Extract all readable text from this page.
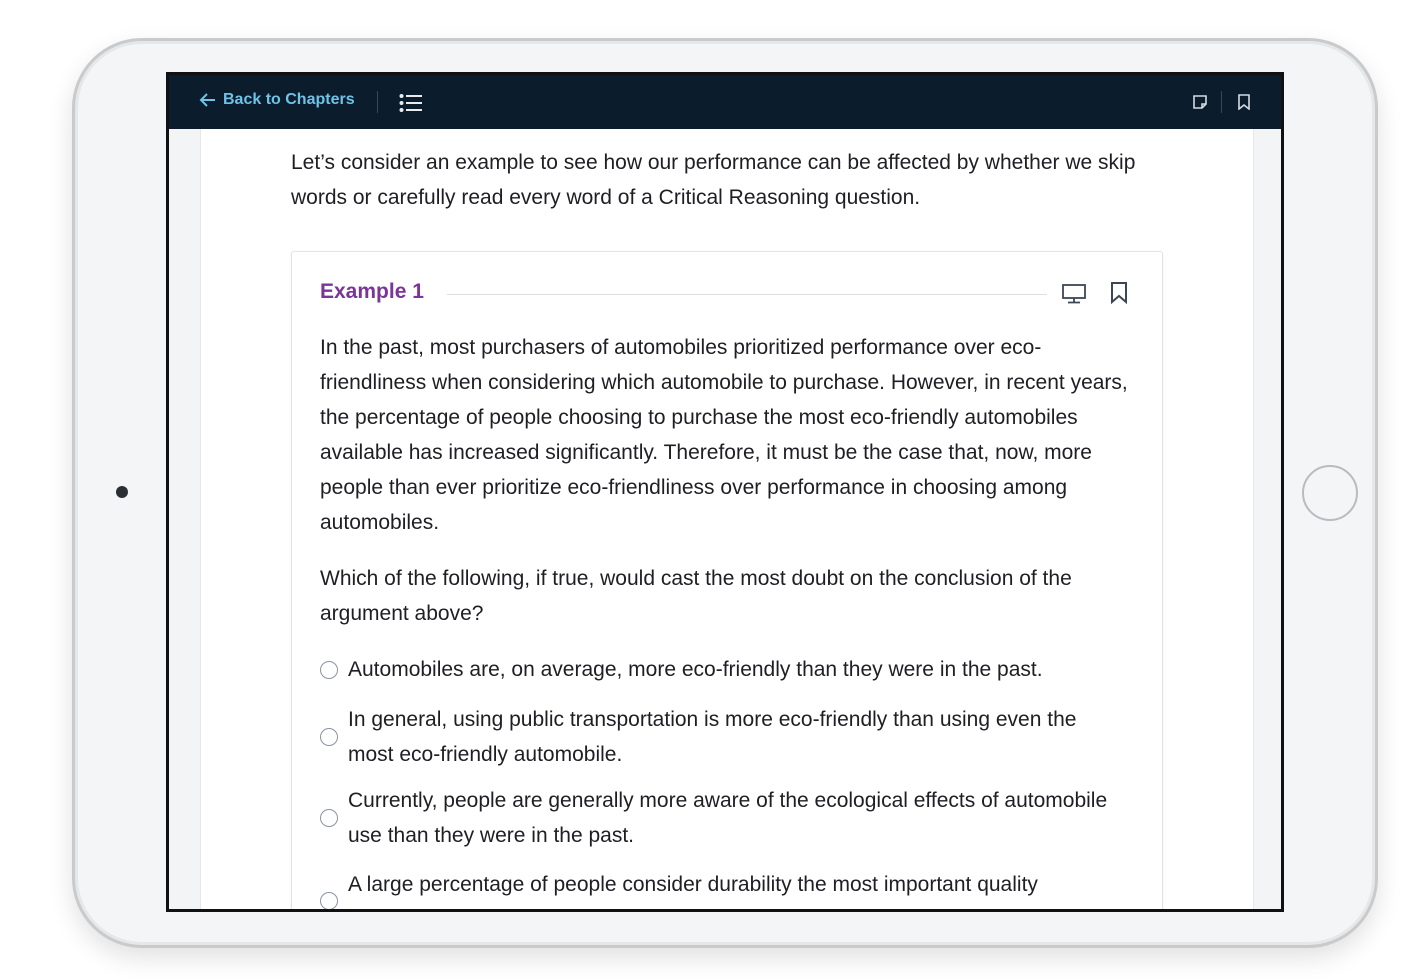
Back to Chapters

Let’s consider an example to see how our performance can be affected by whether we skip words or carefully read every word of a Critical Reasoning question.

Example 1

In the past, most purchasers of automobiles prioritized performance over eco-friendliness when considering which automobile to purchase. However, in recent years, the percentage of people choosing to purchase the most eco-friendly automobiles available has increased significantly. Therefore, it must be the case that, now, more people than ever prioritize eco-friendliness over performance in choosing among automobiles.

Which of the following, if true, would cast the most doubt on the conclusion of the argument above?

Automobiles are, on average, more eco-friendly than they were in the past.
In general, using public transportation is more eco-friendly than using even the most eco-friendly automobile.
Currently, people are generally more aware of the ecological effects of automobile use than they were in the past.
A large percentage of people consider durability the most important quality
